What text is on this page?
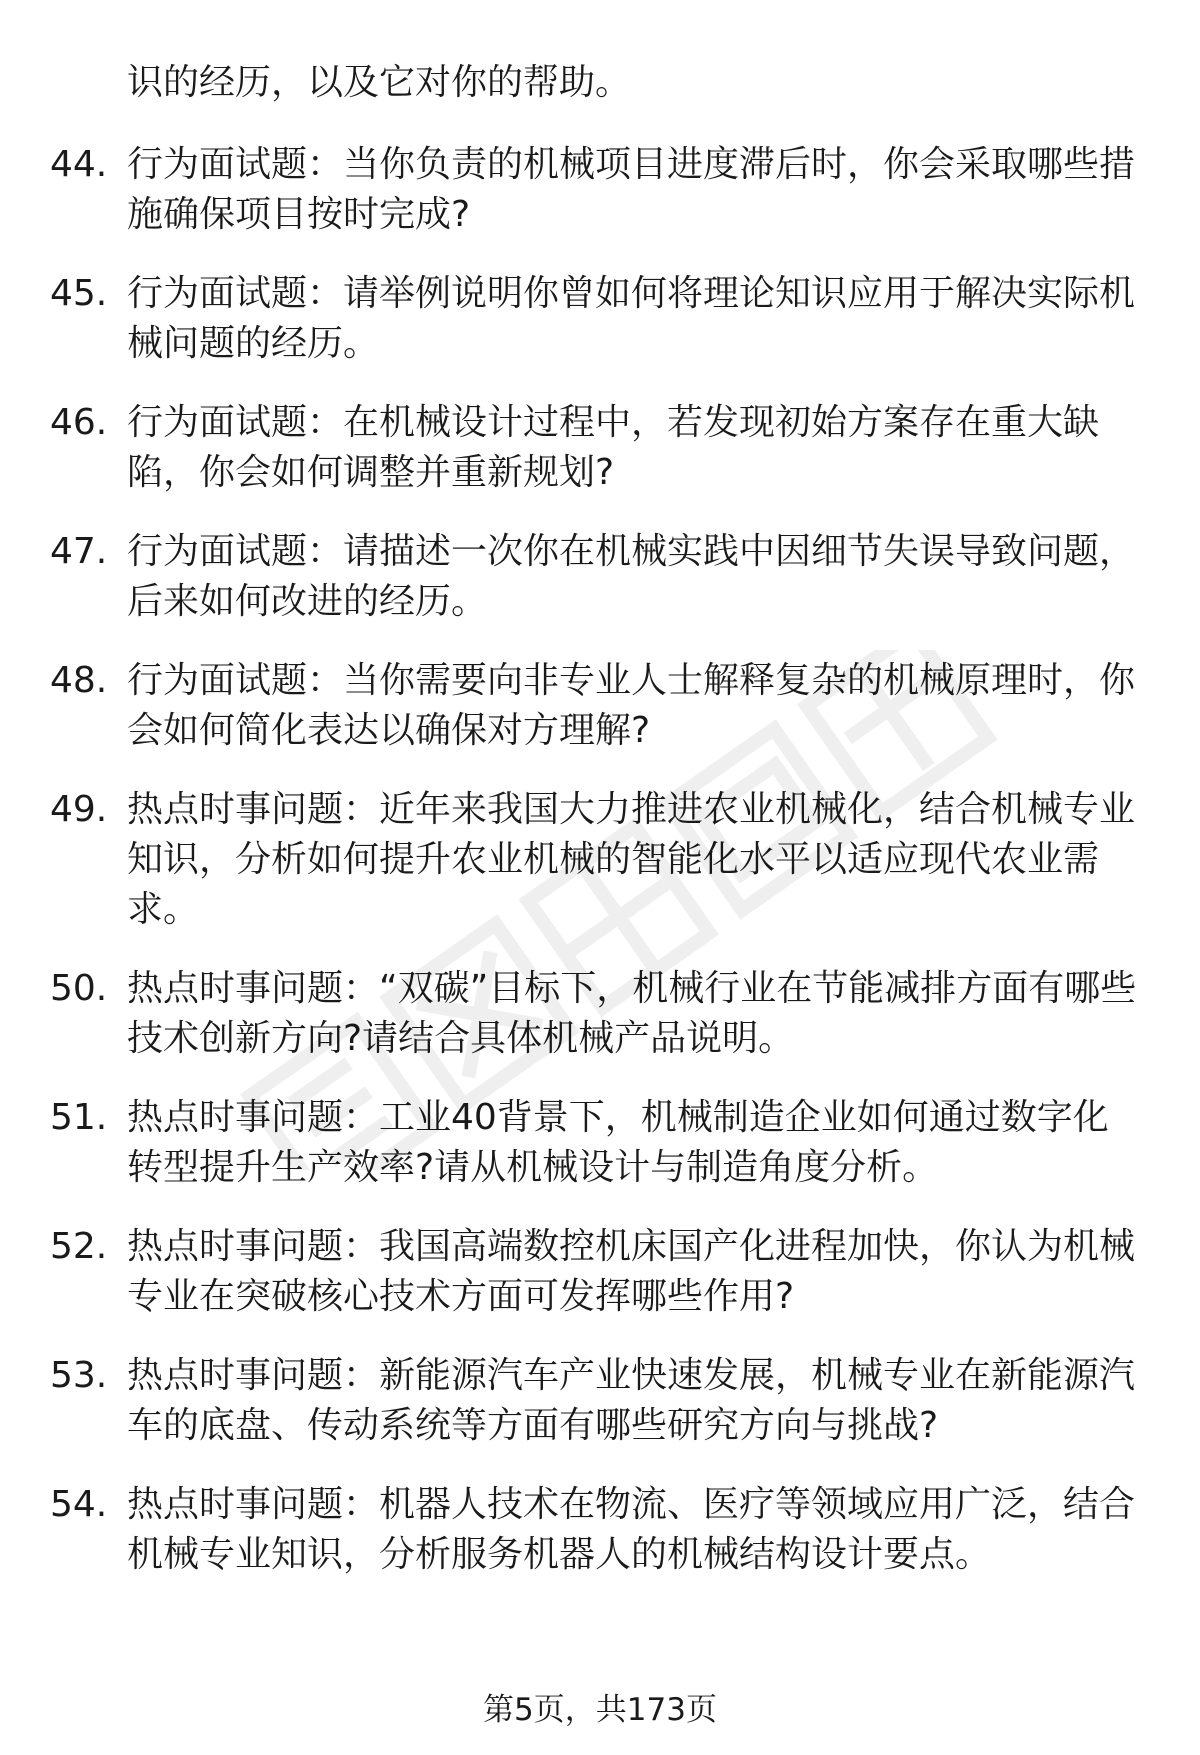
识的经历，以及它对你的帮助。
44. 行为面试题：当你负责的机械项目进度滞后时，你会采取哪些措施确保项目按时完成?
45. 行为面试题：请举例说明你曾如何将理论知识应用于解决实际机械问题的经历。
46. 行为面试题：在机械设计过程中，若发现初始方案存在重大缺陷，你会如何调整并重新规划?
47. 行为面试题：请描述一次你在机械实践中因细节失误导致问题，后来如何改进的经历。
48. 行为面试题：当你需要向非专业人士解释复杂的机械原理时，你会如何简化表达以确保对方理解?
49. 热点时事问题：近年来我国大力推进农业机械化，结合机械专业知识，分析如何提升农业机械的智能化水平以适应现代农业需求。
50. 热点时事问题：“双碳”目标下，机械行业在节能减排方面有哪些技术创新方向?请结合具体机械产品说明。
51. 热点时事问题：工业40背景下，机械制造企业如何通过数字化转型提升生产效率?请从机械设计与制造角度分析。
52. 热点时事问题：我国高端数控机床国产化进程加快，你认为机械专业在突破核心技术方面可发挥哪些作用?
53. 热点时事问题：新能源汽车产业快速发展，机械专业在新能源汽车的底盘、传动系统等方面有哪些研究方向与挑战?
54. 热点时事问题：机器人技术在物流、医疗等领域应用广泛，结合机械专业知识，分析服务机器人的机械结构设计要点。
第5页，共173页
